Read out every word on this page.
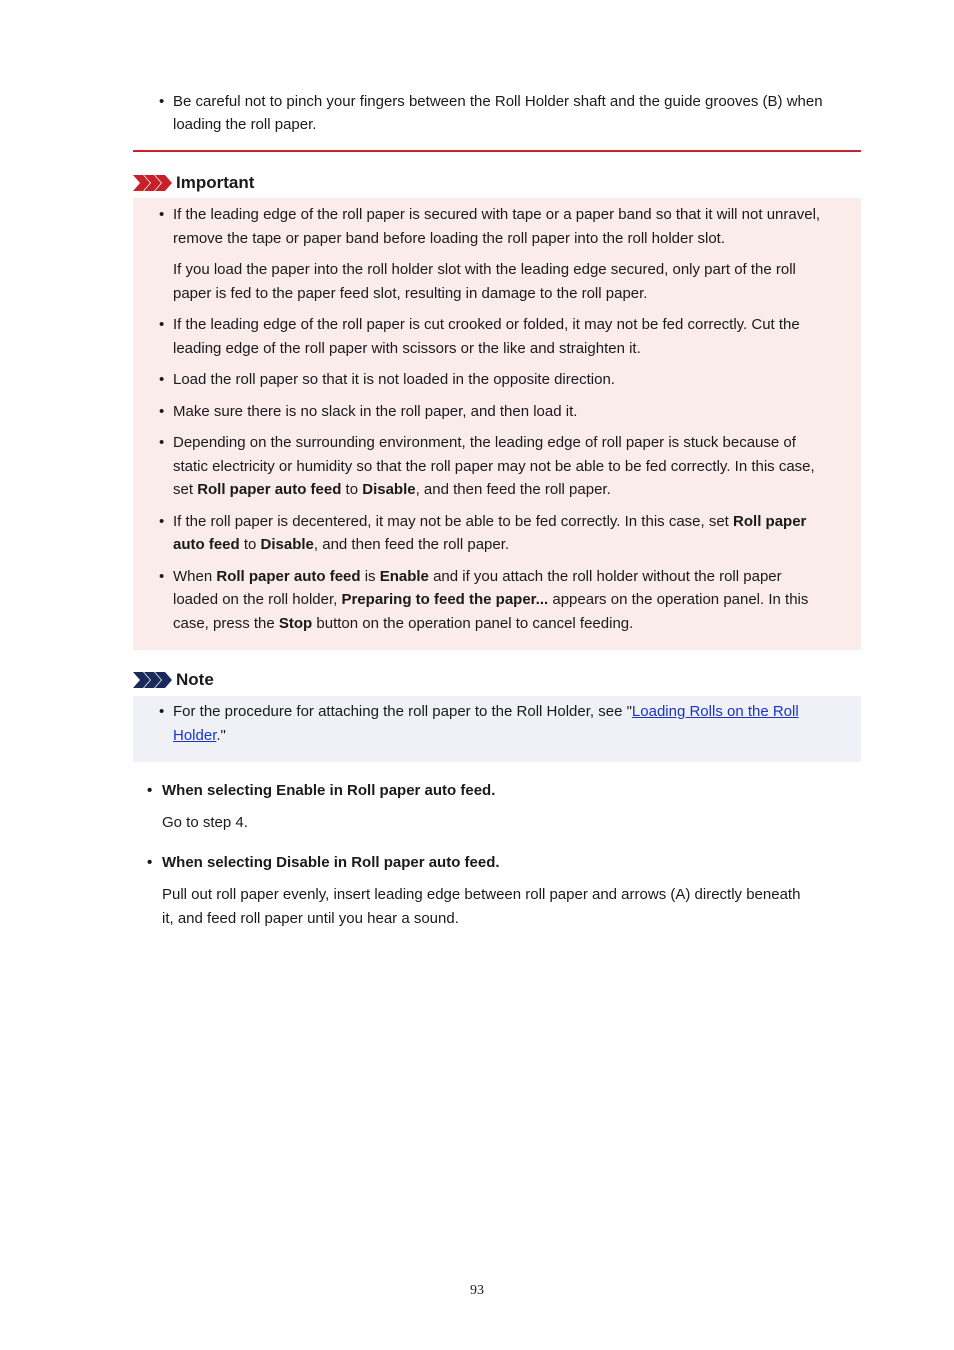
• Be careful not to pinch your fingers between the Roll Holder shaft and the guide grooves (B) when
loading the roll paper.
Important
• If the leading edge of the roll paper is secured with tape or a paper band so that it will not unravel,
remove the tape or paper band before loading the roll paper into the roll holder slot.
If you load the paper into the roll holder slot with the leading edge secured, only part of the roll
paper is fed to the paper feed slot, resulting in damage to the roll paper.
• If the leading edge of the roll paper is cut crooked or folded, it may not be fed correctly. Cut the
leading edge of the roll paper with scissors or the like and straighten it.
• Load the roll paper so that it is not loaded in the opposite direction.
• Make sure there is no slack in the roll paper, and then load it.
• Depending on the surrounding environment, the leading edge of roll paper is stuck because of
static electricity or humidity so that the roll paper may not be able to be fed correctly. In this case,
set Roll paper auto feed to Disable, and then feed the roll paper.
• If the roll paper is decentered, it may not be able to be fed correctly. In this case, set Roll paper
auto feed to Disable, and then feed the roll paper.
• When Roll paper auto feed is Enable and if you attach the roll holder without the roll paper
loaded on the roll holder, Preparing to feed the paper... appears on the operation panel. In this
case, press the Stop button on the operation panel to cancel feeding.
Note
• For the procedure for attaching the roll paper to the Roll Holder, see "Loading Rolls on the Roll
Holder."
• When selecting Enable in Roll paper auto feed.
Go to step 4.
• When selecting Disable in Roll paper auto feed.
Pull out roll paper evenly, insert leading edge between roll paper and arrows (A) directly beneath
it, and feed roll paper until you hear a sound.
93
